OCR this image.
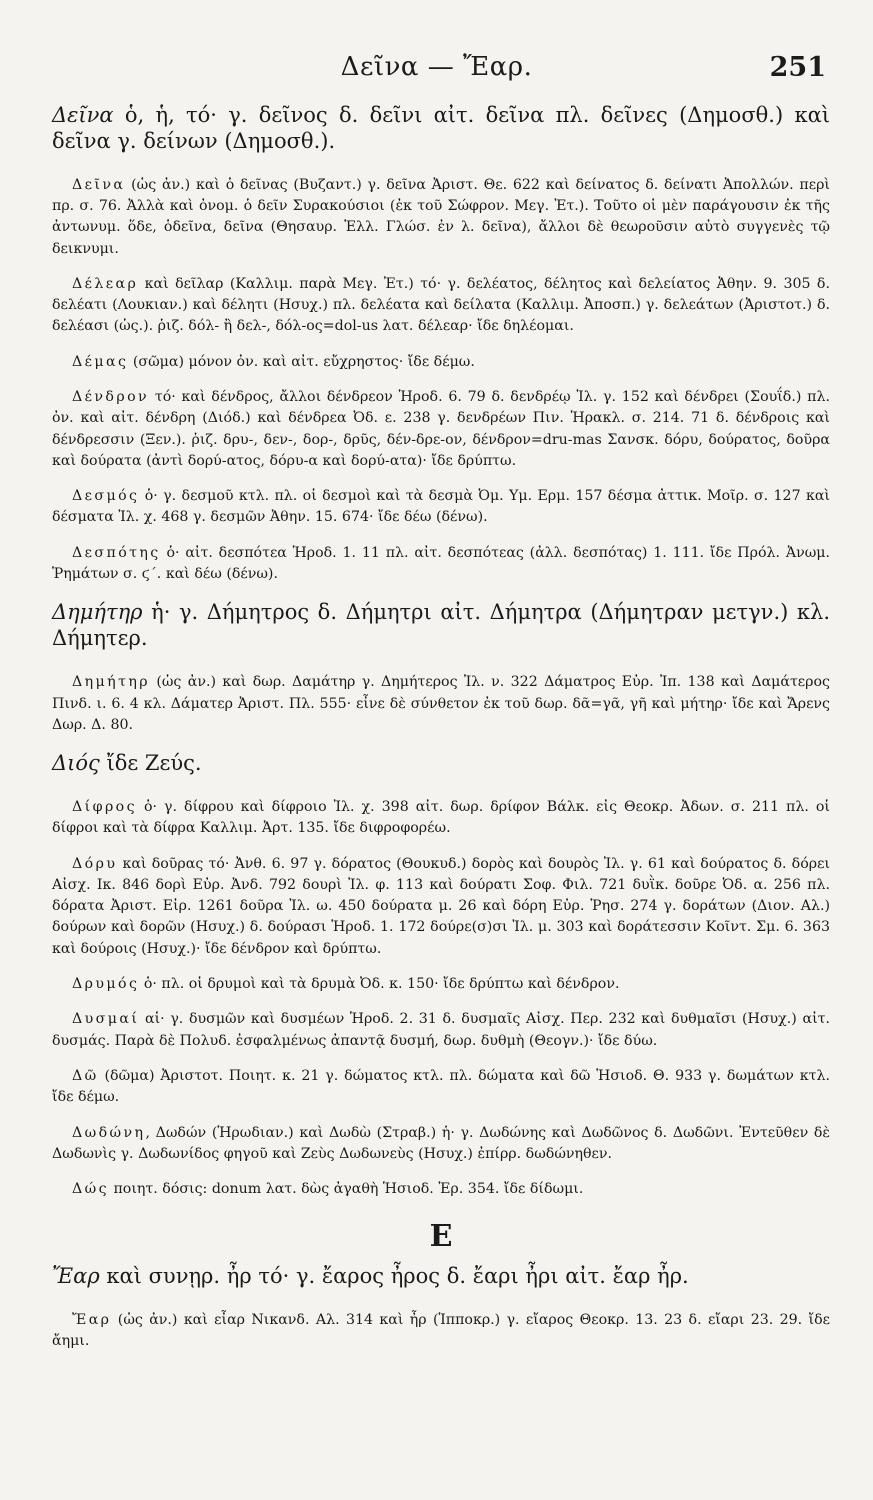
Δεῖνα — Ἔαρ.	251

Δεῖνα ὁ, ἡ, τό· γ. δεῖνος δ. δεῖνι αἰτ. δεῖνα πλ. δεῖνες (Δημοσθ.) καὶ δεῖνα γ. δείνων (Δημοσθ.).

Δεῖνα (ὡς ἀν.) καὶ ὁ δεῖνας (Βυζαντ.) γ. δεῖνα Ἀριστ. Θε. 622 καὶ δείνατος δ. δείνατι Ἀπολλών. περὶ πρ. σ. 76. Ἀλλὰ καὶ ὀνομ. ὁ δεῖν Συρακούσιοι (ἐκ τοῦ Σώφρον. Μεγ. Ἐτ.). Τοῦτο οἱ μὲν παράγουσιν ἐκ τῆς ἀντωνυμ. ὅδε, ὁδεῖνα, δεῖνα (Θησαυρ. Ἑλλ. Γλώσ. ἐν λ. δεῖνα), ἄλλοι δὲ θεωροῦσιν αὐτὸ συγγενὲς τῷ δεικνυμι.

Δέλεαρ καὶ δεῖλαρ (Καλλιμ. παρὰ Μεγ. Ἐτ.) τό· γ. δελέατος, δέλητος καὶ δελείατος Ἀθην. 9. 305 δ. δελέατι (Λουκιαν.) καὶ δέλητι (Ησυχ.) πλ. δελέατα καὶ δείλατα (Καλλιμ. Ἀποσπ.) γ. δελεάτων (Ἀριστοτ.) δ. δελέασι (ὡς.). ῥιζ. δόλ- ἢ δελ-, δόλ-ος=dol-us λατ. δέλεαρ· ἴδε δηλέομαι.

Δέμας (σῶμα) μόνον ὀν. καὶ αἰτ. εὔχρηστος· ἴδε δέμω.

Δένδρον τό· καὶ δένδρος, ἄλλοι δένδρεον Ἡροδ. 6. 79 δ. δενδρέῳ Ἰλ. γ. 152 καὶ δένδρει (Σουΐδ.) πλ. ὀν. καὶ αἰτ. δένδρη (Διόδ.) καὶ δένδρεα Ὀδ. ε. 238 γ. δενδρέων Πιν. Ἡρακλ. σ. 214. 71 δ. δένδροις καὶ δένδρεσσιν (Ξεν.). ῥιζ. δρυ-, δεν-, δορ-, δρῦς, δέν-δρε-ον, δένδρον=dru-mas Σανσκ. δόρυ, δούρατος, δοῦρα καὶ δούρατα (ἀντὶ δορύ-ατος, δόρυ-α καὶ δορύ-ατα)· ἴδε δρύπτω.

Δεσμός ὁ· γ. δεσμοῦ κτλ. πλ. οἱ δεσμοὶ καὶ τὰ δεσμὰ Ὀμ. Υμ. Ερμ. 157 δέσμα ἀττικ. Μοῖρ. σ. 127 καὶ δέσματα Ἰλ. χ. 468 γ. δεσμῶν Ἀθην. 15. 674· ἴδε δέω (δένω).

Δεσπότης ὁ· αἰτ. δεσπότεα Ἡροδ. 1. 11 πλ. αἰτ. δεσπότεας (ἀλλ. δεσπότας) 1. 111. ἴδε Πρόλ. Ἀνωμ. Ῥημάτων σ. ϛ΄. καὶ δέω (δένω).

Δημήτηρ ἡ· γ. Δήμητρος δ. Δήμητρι αἰτ. Δήμητρα (Δήμητραν μετγν.) κλ. Δήμητερ.

Δημήτηρ (ὡς ἀν.) καὶ δωρ. Δαμάτηρ γ. Δημήτερος Ἰλ. ν. 322 Δάματρος Εὐρ. Ἰπ. 138 καὶ Δαμάτερος Πινδ. ι. 6. 4 κλ. Δάματερ Ἀριστ. Πλ. 555· εἶνε δὲ σύνθετον ἐκ τοῦ δωρ. δᾶ=γᾶ, γῆ καὶ μήτηρ· ἴδε καὶ Ἄρενς Δωρ. Δ. 80.

Διός ἴδε Ζεύς.

Δίφρος ὁ· γ. δίφρου καὶ δίφροιο Ἰλ. χ. 398 αἰτ. δωρ. δρίφον Βάλκ. εἰς Θεοκρ. Ἀδων. σ. 211 πλ. οἱ δίφροι καὶ τὰ δίφρα Καλλιμ. Ἀρτ. 135. ἴδε διφροφορέω.

Δόρυ καὶ δοῦρας τό· Ἀνθ. 6. 97 γ. δόρατος (Θουκυδ.) δορὸς καὶ δουρὸς Ἰλ. γ. 61 καὶ δούρατος δ. δόρει Αἰσχ. Ικ. 846 δορὶ Εὐρ. Ἀνδ. 792 δουρὶ Ἰλ. φ. 113 καὶ δούρατι Σοφ. Φιλ. 721 δυῒκ. δοῦρε Ὀδ. α. 256 πλ. δόρατα Ἀριστ. Εἰρ. 1261 δοῦρα Ἰλ. ω. 450 δούρατα μ. 26 καὶ δόρη Εὐρ. Ῥησ. 274 γ. δοράτων (Διον. Αλ.) δούρων καὶ δορῶν (Ησυχ.) δ. δούρασι Ἡροδ. 1. 172 δούρε(σ)σι Ἰλ. μ. 303 καὶ δοράτεσσιν Κοῖντ. Σμ. 6. 363 καὶ δούροις (Ησυχ.)· ἴδε δένδρον καὶ δρύπτω.

Δρυμός ὁ· πλ. οἱ δρυμοὶ καὶ τὰ δρυμὰ Ὀδ. κ. 150· ἴδε δρύπτω καὶ δένδρον.

Δυσμαί αἱ· γ. δυσμῶν καὶ δυσμέων Ἡροδ. 2. 31 δ. δυσμαῖς Αἰσχ. Περ. 232 καὶ δυθμαῖσι (Ησυχ.) αἰτ. δυσμάς. Παρὰ δὲ Πολυδ. ἐσφαλμένως ἀπαντᾷ δυσμή, δωρ. δυθμὴ (Θεογν.)· ἴδε δύω.

Δῶ (δῶμα) Ἀριστοτ. Ποιητ. κ. 21 γ. δώματος κτλ. πλ. δώματα καὶ δῶ Ἡσιοδ. Θ. 933 γ. δωμάτων κτλ. ἴδε δέμω.

Δωδώνη, Δωδών (Ἡρωδιαν.) καὶ Δωδὼ (Στραβ.) ἡ· γ. Δωδώνης καὶ Δωδῶνος δ. Δωδῶνι. Ἐντεῦθεν δὲ Δωδωνὶς γ. Δωδωνίδος φηγοῦ καὶ Ζεὺς Δωδωνεὺς (Ησυχ.) ἐπίρρ. δωδώνηθεν.

Δώς ποιητ. δόσις: donum λατ. δὼς ἀγαθὴ Ἡσιοδ. Ἐρ. 354. ἴδε δίδωμι.

Ε

Ἔαρ καὶ συνῃρ. ἦρ τό· γ. ἔαρος ἦρος δ. ἔαρι ἦρι αἰτ. ἔαρ ἦρ.

Ἔαρ (ὡς ἀν.) καὶ εἶαρ Νικανδ. Αλ. 314 καὶ ἦρ (Ἱπποκρ.) γ. εἴαρος Θεοκρ. 13. 23 δ. εἴαρι 23. 29. ἴδε ἄημι.
